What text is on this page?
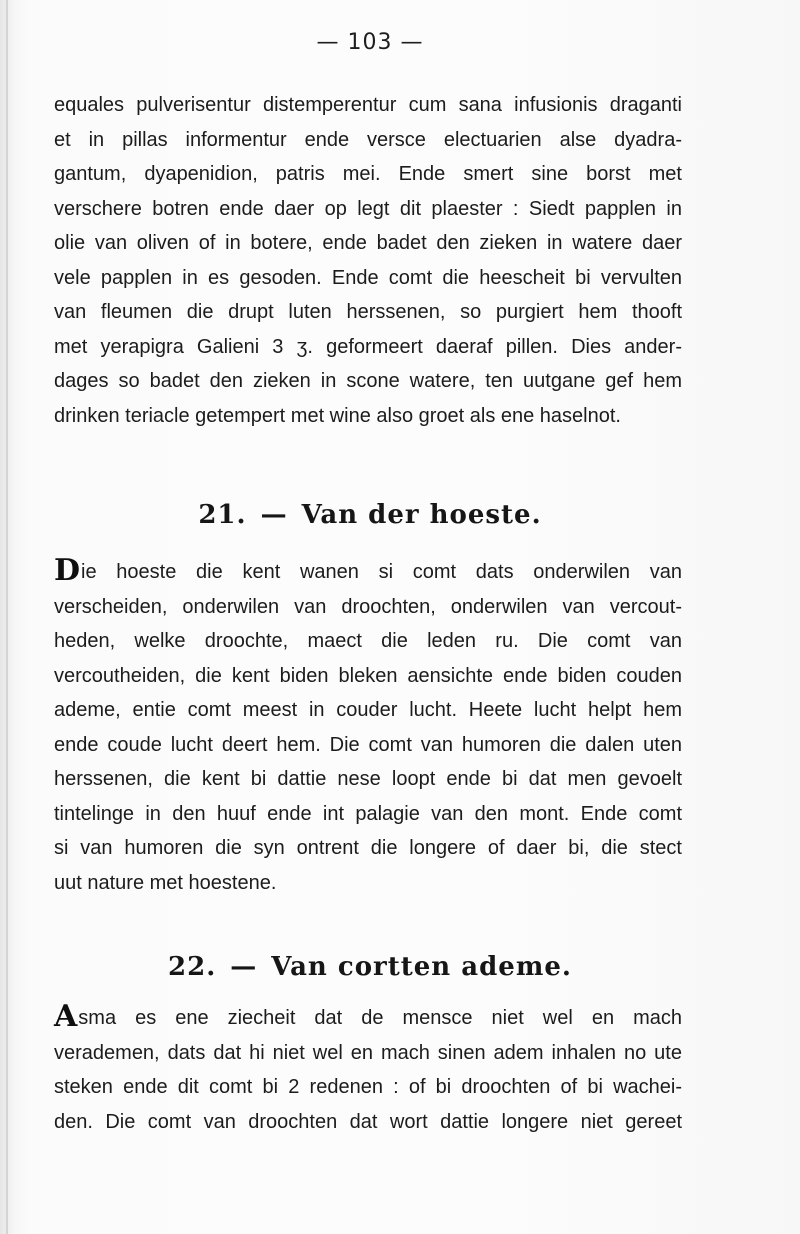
— 103 —
equales pulverisentur distemperentur cum sana infusionis draganti
et in pillas informentur ende versce electuarien alse dyadra-
gantum, dyapenidion, patris mei. Ende smert sine borst met
verschere botren ende daer op legt dit plaester : Siedt papplen in
olie van oliven of in botere, ende badet den zieken in watere daer
vele papplen in es gesoden. Ende comt die heescheit bi vervulten
van fleumen die drupt luten herssenen, so purgiert hem thooft
met yerapigra Galieni 3 ʒ. geformeert daeraf pillen. Dies ander-
dages so badet den zieken in scone watere, ten uutgane gef hem
drinken teriacle getempert met wine also groet als ene haselnot.
21. — Van der hoeste.
Die hoeste die kent wanen si comt dats onderwilen van
verscheiden, onderwilen van droochten, onderwilen van vercout-
heden, welke droochte, maect die leden ru. Die comt van
vercoutheiden, die kent biden bleken aensichte ende biden couden
ademe, entie comt meest in couder lucht. Heete lucht helpt hem
ende coude lucht deert hem. Die comt van humoren die dalen uten
herssenen, die kent bi dattie nese loopt ende bi dat men gevoelt
tintelinge in den huuf ende int palagie van den mont. Ende comt
si van humoren die syn ontrent die longere of daer bi, die stect
uut nature met hoestene.
22. — Van cortten ademe.
Asma es ene ziecheit dat de mensce niet wel en mach
verademen, dats dat hi niet wel en mach sinen adem inhalen no ute
steken ende dit comt bi 2 redenen : of bi droochten of bi wachei-
den. Die comt van droochten dat wort dattie longere niet gereet
